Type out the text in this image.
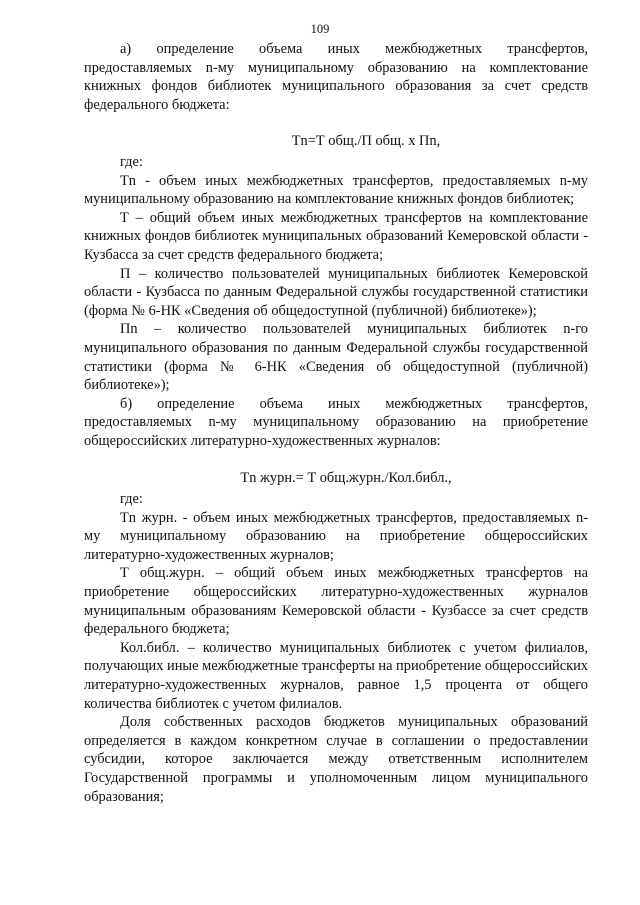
109

а) определение объема иных межбюджетных трансфертов, предоставляемых n-му муниципальному образованию на комплектование книжных фондов библиотек муниципального образования за счет средств федерального бюджета:

Тn=Т общ./П общ. х Пn,

где:

Тn - объем иных межбюджетных трансфертов, предоставляемых n-му муниципальному образованию на комплектование книжных фондов библиотек;

Т – общий объем иных межбюджетных трансфертов на комплектование книжных фондов библиотек муниципальных образований Кемеровской области - Кузбасса за счет средств федерального бюджета;

П – количество пользователей муниципальных библиотек Кемеровской области - Кузбасса по данным Федеральной службы государственной статистики (форма № 6-НК «Сведения об общедоступной (публичной) библиотеке»);

Пn – количество пользователей муниципальных библиотек n-го муниципального образования по данным Федеральной службы государственной статистики (форма № 6-НК «Сведения об общедоступной (публичной) библиотеке»);

б) определение объема иных межбюджетных трансфертов, предоставляемых n-му муниципальному образованию на приобретение общероссийских литературно-художественных журналов:

Тn журн.= Т общ.журн./Кол.библ.,

где:

Тn журн. - объем иных межбюджетных трансфертов, предоставляемых n-му муниципальному образованию на приобретение общероссийских литературно-художественных журналов;

Т общ.журн. – общий объем иных межбюджетных трансфертов на приобретение общероссийских литературно-художественных журналов муниципальным образованиям Кемеровской области - Кузбассе за счет средств федерального бюджета;

Кол.библ. – количество муниципальных библиотек с учетом филиалов, получающих иные межбюджетные трансферты на приобретение общероссийских литературно-художественных журналов, равное 1,5 процента от общего количества библиотек с учетом филиалов.

Доля собственных расходов бюджетов муниципальных образований определяется в каждом конкретном случае в соглашении о предоставлении субсидии, которое заключается между ответственным исполнителем Государственной программы и уполномоченным лицом муниципального образования;
